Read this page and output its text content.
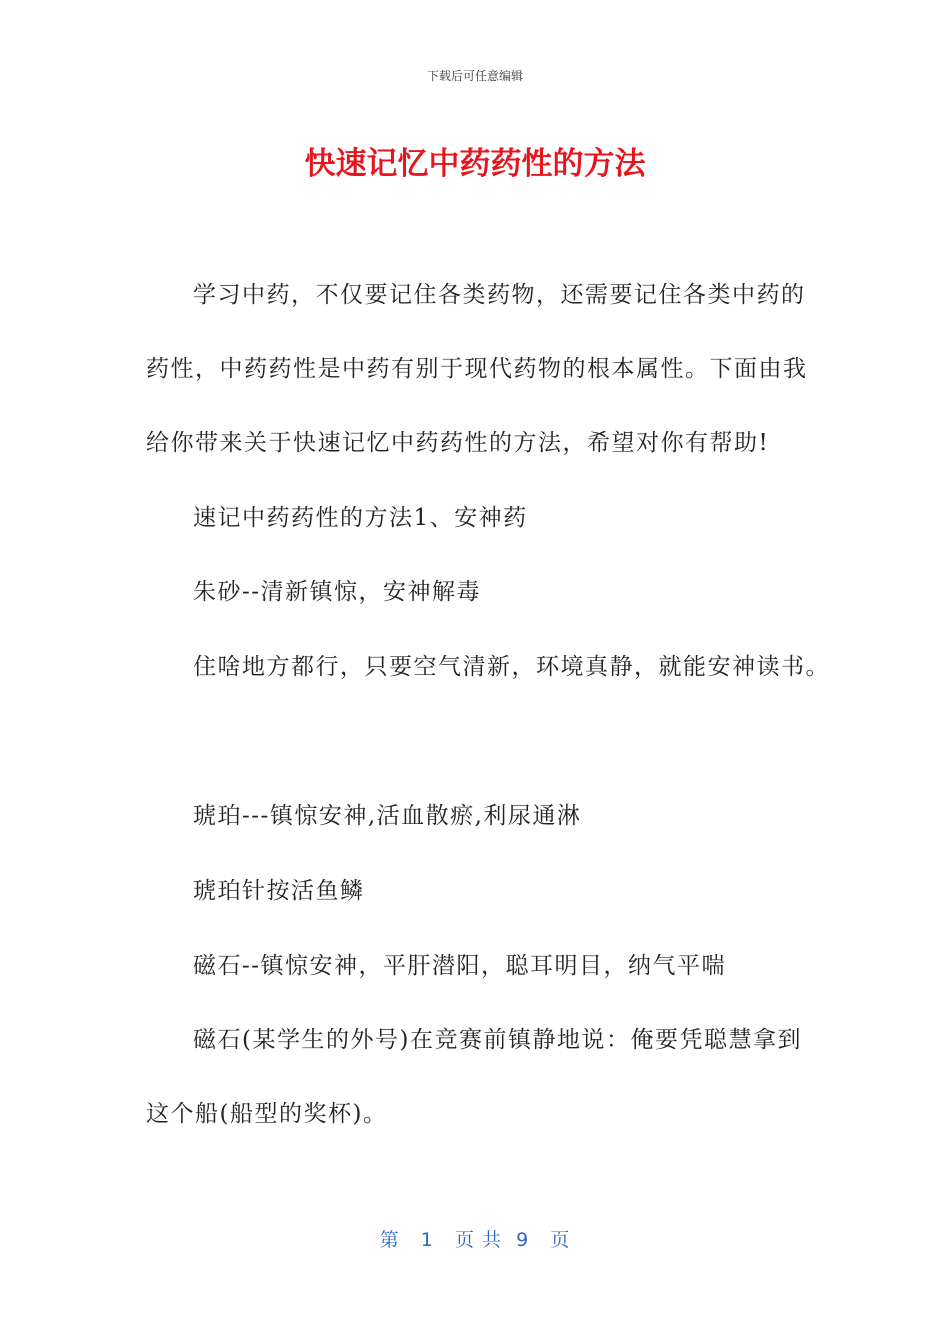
下载后可任意编辑
快速记忆中药药性的方法

学习中药，不仅要记住各类药物，还需要记住各类中药的

药性，中药药性是中药有别于现代药物的根本属性。下面由我

给你带来关于快速记忆中药药性的方法，希望对你有帮助!

速记中药药性的方法1、安神药

朱砂--清新镇惊，安神解毒

住啥地方都行，只要空气清新，环境真静，就能安神读书。

琥珀---镇惊安神,活血散瘀,利尿通淋

琥珀针按活鱼鳞

磁石--镇惊安神，平肝潜阳，聪耳明目，纳气平喘

磁石(某学生的外号)在竞赛前镇静地说：俺要凭聪慧拿到

这个船(船型的奖杯)。

第 1 页 共 9 页
